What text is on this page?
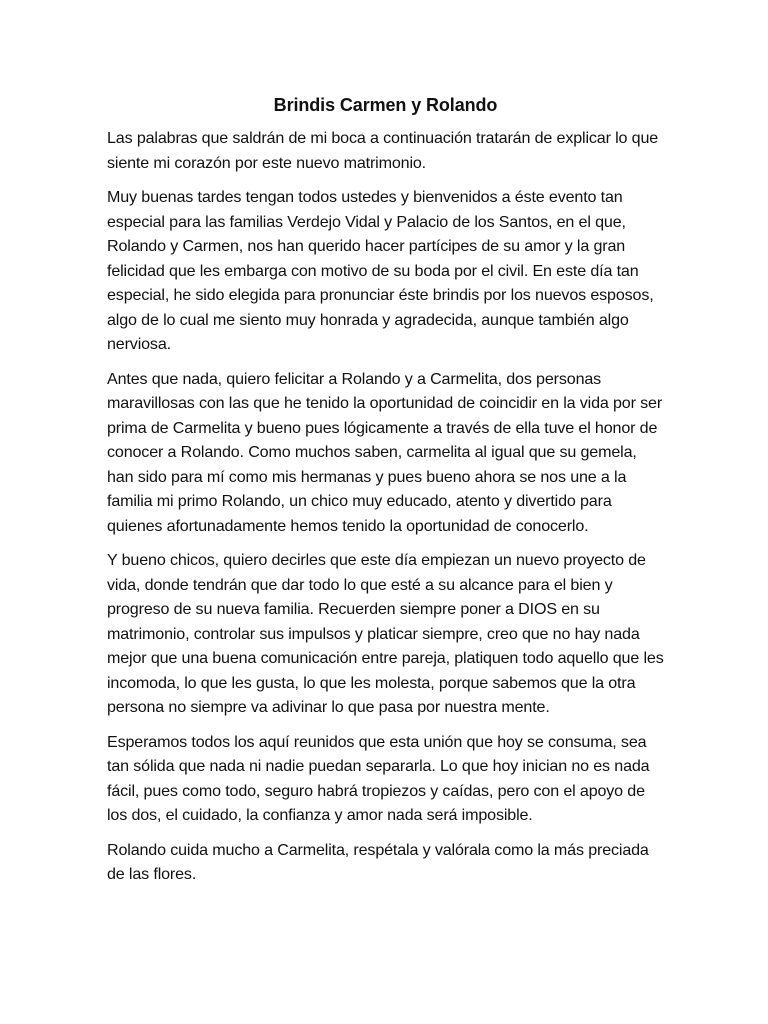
Brindis Carmen y Rolando

Las palabras que saldrán de mi boca a continuación tratarán de explicar lo que siente mi corazón por este nuevo matrimonio.

Muy buenas tardes tengan todos ustedes y bienvenidos a éste evento tan especial para las familias Verdejo Vidal y Palacio de los Santos, en el que, Rolando y Carmen, nos han querido hacer partícipes de su amor y la gran felicidad que les embarga con motivo de su boda por el civil. En este día tan especial, he sido elegida para pronunciar éste brindis por los nuevos esposos, algo de lo cual me siento muy honrada y agradecida, aunque también algo nerviosa.

Antes que nada, quiero felicitar a Rolando y a Carmelita, dos personas maravillosas con las que he tenido la oportunidad de coincidir en la vida por ser prima de Carmelita y bueno pues lógicamente a través de ella tuve el honor de conocer a Rolando. Como muchos saben, carmelita al igual que su gemela, han sido para mí como mis hermanas y pues bueno ahora se nos une a la familia mi primo Rolando, un chico muy educado, atento y divertido para quienes afortunadamente hemos tenido la oportunidad de conocerlo.

Y bueno chicos, quiero decirles que este día empiezan un nuevo proyecto de vida, donde tendrán que dar todo lo que esté a su alcance para el bien y progreso de su nueva familia. Recuerden siempre poner a DIOS en su matrimonio, controlar sus impulsos y platicar siempre, creo que no hay nada mejor que una buena comunicación entre pareja, platiquen todo aquello que les incomoda, lo que les gusta, lo que les molesta, porque sabemos que la otra persona no siempre va adivinar lo que pasa por nuestra mente.

Esperamos todos los aquí reunidos que esta unión que hoy se consuma, sea tan sólida que nada ni nadie puedan separarla. Lo que hoy inician no es nada fácil, pues como todo, seguro habrá tropiezos y caídas, pero con el apoyo de los dos, el cuidado, la confianza y amor nada será imposible.

Rolando cuida mucho a Carmelita, respétala y valórala como la más preciada de las flores.
